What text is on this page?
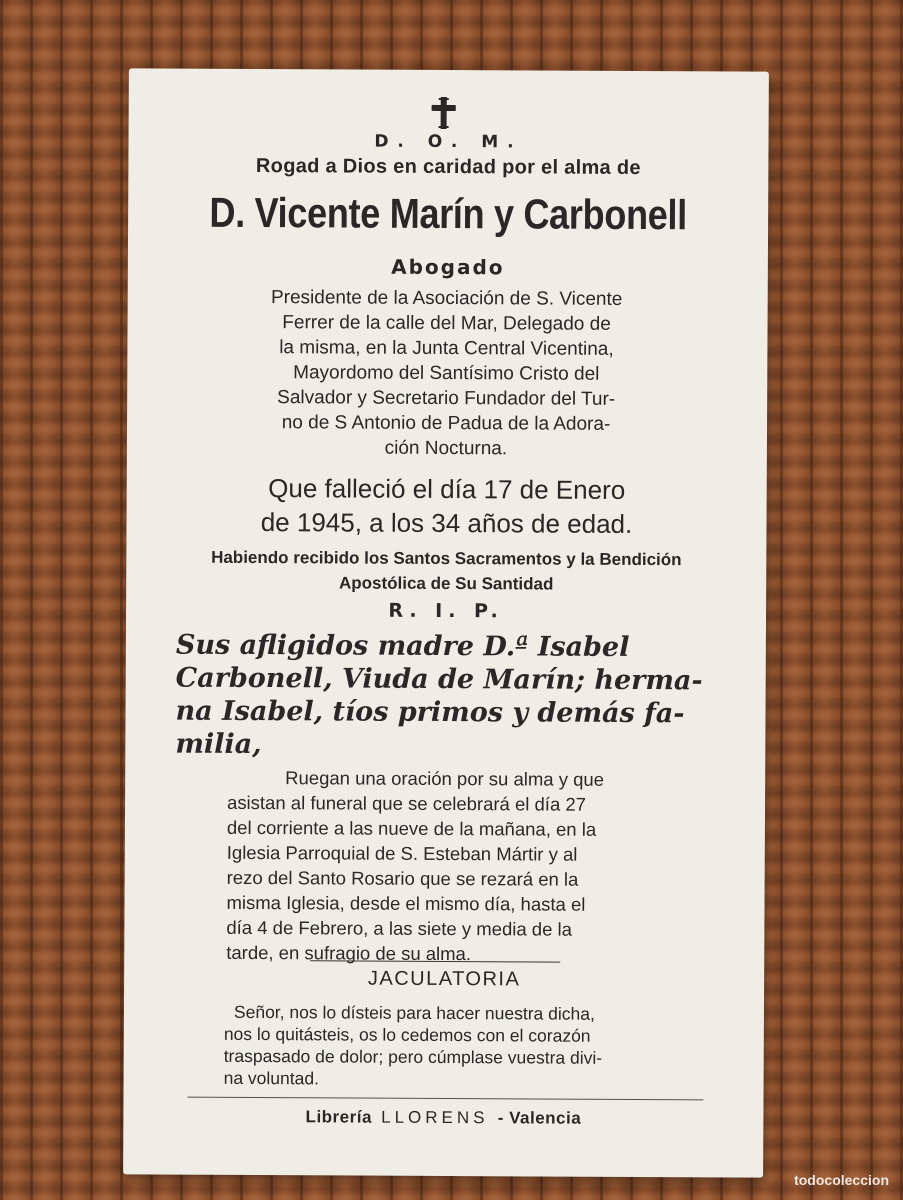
D. O. M.
Rogad a Dios en caridad por el alma de
D. Vicente Marín y Carbonell
Abogado
Presidente de la Asociación de S. Vicente
Ferrer de la calle del Mar, Delegado de
la misma, en la Junta Central Vicentina,
Mayordomo del Santísimo Cristo del
Salvador y Secretario Fundador del Tur-
no de S Antonio de Padua de la Adora-
ción Nocturna.
Que falleció el día 17 de Enero
de 1945, a los 34 años de edad.
Habiendo recibido los Santos Sacramentos y la Bendición
Apostólica de Su Santidad
R. I. P.
Sus afligidos madre D.ª Isabel
Carbonell, Viuda de Marín; herma-
na Isabel, tíos primos y demás fa-
milia,
Ruegan una oración por su alma y que
asistan al funeral que se celebrará el día 27
del corriente a las nueve de la mañana, en la
Iglesia Parroquial de S. Esteban Mártir y al
rezo del Santo Rosario que se rezará en la
misma Iglesia, desde el mismo día, hasta el
día 4 de Febrero, a las siete y media de la
tarde, en sufragio de su alma.
JACULATORIA
Señor, nos lo dísteis para hacer nuestra dicha,
nos lo quitásteis, os lo cedemos con el corazón
traspasado de dolor; pero cúmplase vuestra divi-
na voluntad.
Librería LLORENS - Valencia
todocoleccion
